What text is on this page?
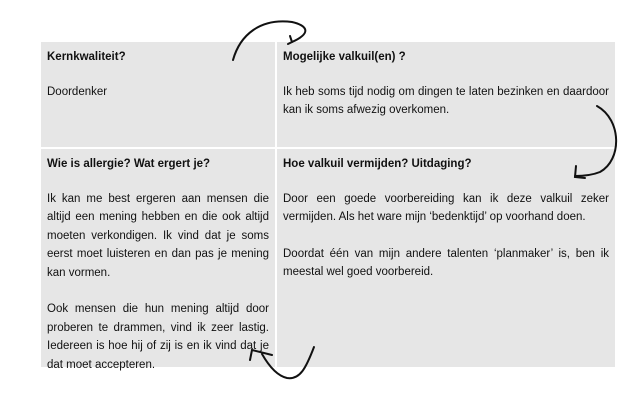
Kernkwaliteit?

Doordenker

Mogelijke valkuil(en) ?

Ik heb soms tijd nodig om dingen te laten bezinken en daardoor kan ik soms afwezig overkomen.

Wie is allergie? Wat ergert je?

Ik kan me best ergeren aan mensen die altijd een mening hebben en die ook altijd moeten verkondigen. Ik vind dat je soms eerst moet luisteren en dan pas je mening kan vormen.

Ook mensen die hun mening altijd door proberen te drammen, vind ik zeer lastig. Iedereen is hoe hij of zij is en ik vind dat je dat moet accepteren.

Hoe valkuil vermijden? Uitdaging?

Door een goede voorbereiding kan ik deze valkuil zeker vermijden. Als het ware mijn ‘bedenktijd’ op voorhand doen.

Doordat één van mijn andere talenten ‘planmaker’ is, ben ik meestal wel goed voorbereid.
